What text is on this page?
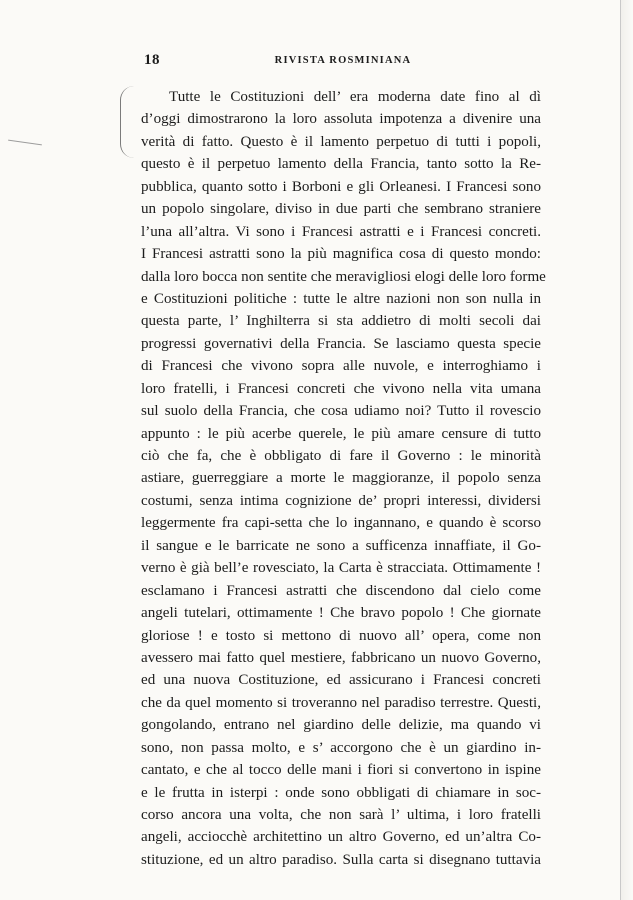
18	RIVISTA ROSMINIANA
Tutte le Costituzioni dell’ era moderna date fino al dì
d’oggi dimostrarono la loro assoluta impotenza a divenire una
verità di fatto. Questo è il lamento perpetuo di tutti i popoli,
questo è il perpetuo lamento della Francia, tanto sotto la Re-
pubblica, quanto sotto i Borboni e gli Orleanesi. I Francesi sono
un popolo singolare, diviso in due parti che sembrano straniere
l’una all’altra. Vi sono i Francesi astratti e i Francesi concreti.
I Francesi astratti sono la più magnifica cosa di questo mondo:
dalla loro bocca non sentite che meravigliosi elogi delle loro forme
e Costituzioni politiche : tutte le altre nazioni non son nulla in
questa parte, l’ Inghilterra si sta addietro di molti secoli dai
progressi governativi della Francia. Se lasciamo questa specie
di Francesi che vivono sopra alle nuvole, e interroghiamo i
loro fratelli, i Francesi concreti che vivono nella vita umana
sul suolo della Francia, che cosa udiamo noi? Tutto il rovescio
appunto : le più acerbe querele, le più amare censure di tutto
ciò che fa, che è obbligato di fare il Governo : le minorità
astiare, guerreggiare a morte le maggioranze, il popolo senza
costumi, senza intima cognizione de’ propri interessi, dividersi
leggermente fra capi-setta che lo ingannano, e quando è scorso
il sangue e le barricate ne sono a sufficenza innaffiate, il Go-
verno è già bell’e rovesciato, la Carta è stracciata. Ottimamente !
esclamano i Francesi astratti che discendono dal cielo come
angeli tutelari, ottimamente ! Che bravo popolo ! Che giornate
gloriose ! e tosto si mettono di nuovo all’ opera, come non
avessero mai fatto quel mestiere, fabbricano un nuovo Governo,
ed una nuova Costituzione, ed assicurano i Francesi concreti
che da quel momento si troveranno nel paradiso terrestre. Questi,
gongolando, entrano nel giardino delle delizie, ma quando vi
sono, non passa molto, e s’ accorgono che è un giardino in-
cantato, e che al tocco delle mani i fiori si convertono in ispine
e le frutta in isterpi : onde sono obbligati di chiamare in soc-
corso ancora una volta, che non sarà l’ ultima, i loro fratelli
angeli, acciocchè architettino un altro Governo, ed un’altra Co-
stituzione, ed un altro paradiso. Sulla carta si disegnano tuttavia
